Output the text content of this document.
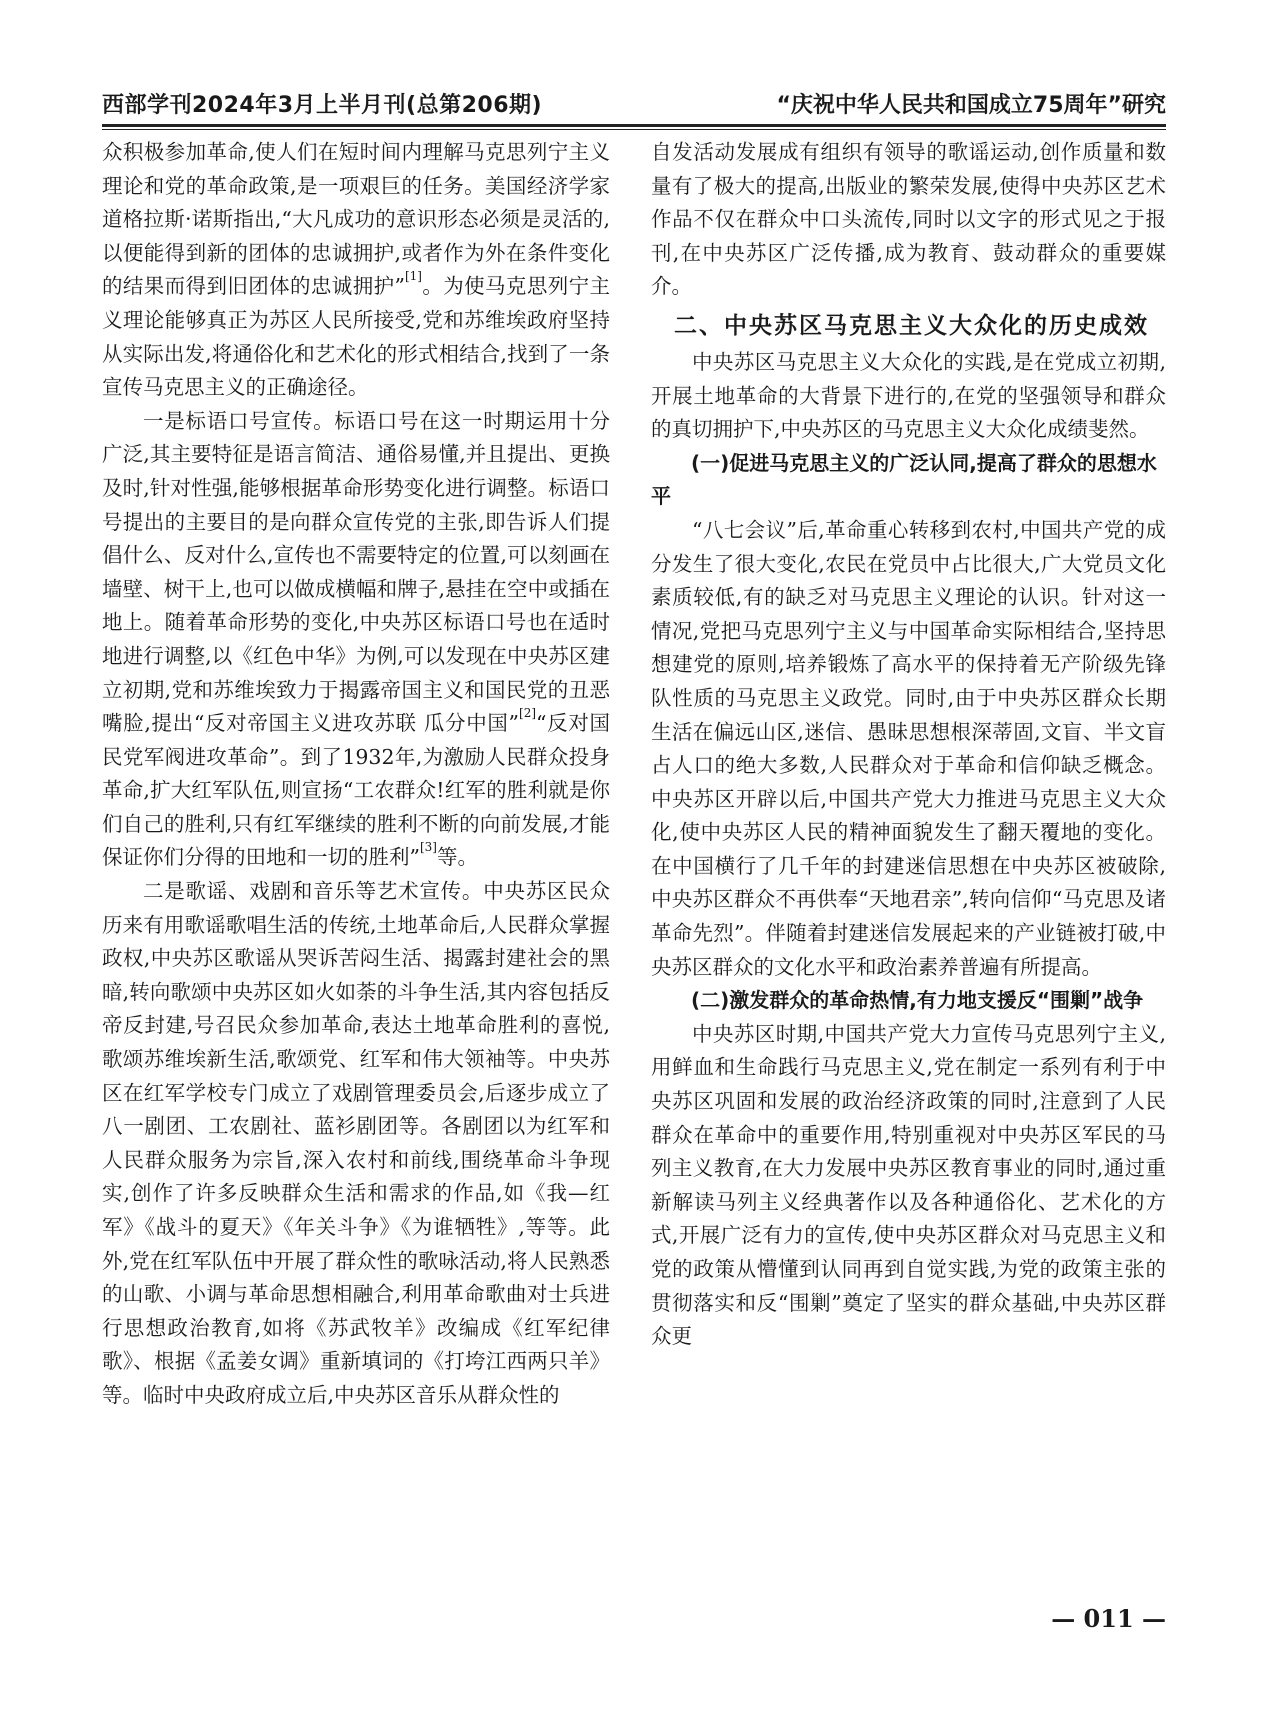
西部学刊2024年3月上半月刊(总第206期)	“庆祝中华人民共和国成立75周年”研究

众积极参加革命,使人们在短时间内理解马克思列宁主义理论和党的革命政策,是一项艰巨的任务。美国经济学家道格拉斯·诺斯指出,“大凡成功的意识形态必须是灵活的,以便能得到新的团体的忠诚拥护,或者作为外在条件变化的结果而得到旧团体的忠诚拥护”[1]。为使马克思列宁主义理论能够真正为苏区人民所接受,党和苏维埃政府坚持从实际出发,将通俗化和艺术化的形式相结合,找到了一条宣传马克思主义的正确途径。

一是标语口号宣传。标语口号在这一时期运用十分广泛,其主要特征是语言简洁、通俗易懂,并且提出、更换及时,针对性强,能够根据革命形势变化进行调整。标语口号提出的主要目的是向群众宣传党的主张,即告诉人们提倡什么、反对什么,宣传也不需要特定的位置,可以刻画在墙壁、树干上,也可以做成横幅和牌子,悬挂在空中或插在地上。随着革命形势的变化,中央苏区标语口号也在适时地进行调整,以《红色中华》为例,可以发现在中央苏区建立初期,党和苏维埃致力于揭露帝国主义和国民党的丑恶嘴脸,提出“反对帝国主义进攻苏联 瓜分中国”[2]“反对国民党军阀进攻革命”。到了1932年,为激励人民群众投身革命,扩大红军队伍,则宣扬“工农群众!红军的胜利就是你们自己的胜利,只有红军继续的胜利不断的向前发展,才能保证你们分得的田地和一切的胜利”[3]等。

二是歌谣、戏剧和音乐等艺术宣传。中央苏区民众历来有用歌谣歌唱生活的传统,土地革命后,人民群众掌握政权,中央苏区歌谣从哭诉苦闷生活、揭露封建社会的黑暗,转向歌颂中央苏区如火如荼的斗争生活,其内容包括反帝反封建,号召民众参加革命,表达土地革命胜利的喜悦,歌颂苏维埃新生活,歌颂党、红军和伟大领袖等。中央苏区在红军学校专门成立了戏剧管理委员会,后逐步成立了八一剧团、工农剧社、蓝衫剧团等。各剧团以为红军和人民群众服务为宗旨,深入农村和前线,围绕革命斗争现实,创作了许多反映群众生活和需求的作品,如《我—红军》《战斗的夏天》《年关斗争》《为谁牺牲》,等等。此外,党在红军队伍中开展了群众性的歌咏活动,将人民熟悉的山歌、小调与革命思想相融合,利用革命歌曲对士兵进行思想政治教育,如将《苏武牧羊》改编成《红军纪律歌》、根据《孟姜女调》重新填词的《打垮江西两只羊》等。临时中央政府成立后,中央苏区音乐从群众性的

自发活动发展成有组织有领导的歌谣运动,创作质量和数量有了极大的提高,出版业的繁荣发展,使得中央苏区艺术作品不仅在群众中口头流传,同时以文字的形式见之于报刊,在中央苏区广泛传播,成为教育、鼓动群众的重要媒介。

二、中央苏区马克思主义大众化的历史成效

中央苏区马克思主义大众化的实践,是在党成立初期,开展土地革命的大背景下进行的,在党的坚强领导和群众的真切拥护下,中央苏区的马克思主义大众化成绩斐然。

(一)促进马克思主义的广泛认同,提高了群众的思想水平

“八七会议”后,革命重心转移到农村,中国共产党的成分发生了很大变化,农民在党员中占比很大,广大党员文化素质较低,有的缺乏对马克思主义理论的认识。针对这一情况,党把马克思列宁主义与中国革命实际相结合,坚持思想建党的原则,培养锻炼了高水平的保持着无产阶级先锋队性质的马克思主义政党。同时,由于中央苏区群众长期生活在偏远山区,迷信、愚昧思想根深蒂固,文盲、半文盲占人口的绝大多数,人民群众对于革命和信仰缺乏概念。中央苏区开辟以后,中国共产党大力推进马克思主义大众化,使中央苏区人民的精神面貌发生了翻天覆地的变化。在中国横行了几千年的封建迷信思想在中央苏区被破除,中央苏区群众不再供奉“天地君亲”,转向信仰“马克思及诸革命先烈”。伴随着封建迷信发展起来的产业链被打破,中央苏区群众的文化水平和政治素养普遍有所提高。

(二)激发群众的革命热情,有力地支援反“围剿”战争

中央苏区时期,中国共产党大力宣传马克思列宁主义,用鲜血和生命践行马克思主义,党在制定一系列有利于中央苏区巩固和发展的政治经济政策的同时,注意到了人民群众在革命中的重要作用,特别重视对中央苏区军民的马列主义教育,在大力发展中央苏区教育事业的同时,通过重新解读马列主义经典著作以及各种通俗化、艺术化的方式,开展广泛有力的宣传,使中央苏区群众对马克思主义和党的政策从懵懂到认同再到自觉实践,为党的政策主张的贯彻落实和反“围剿”奠定了坚实的群众基础,中央苏区群众更

— 011 —
